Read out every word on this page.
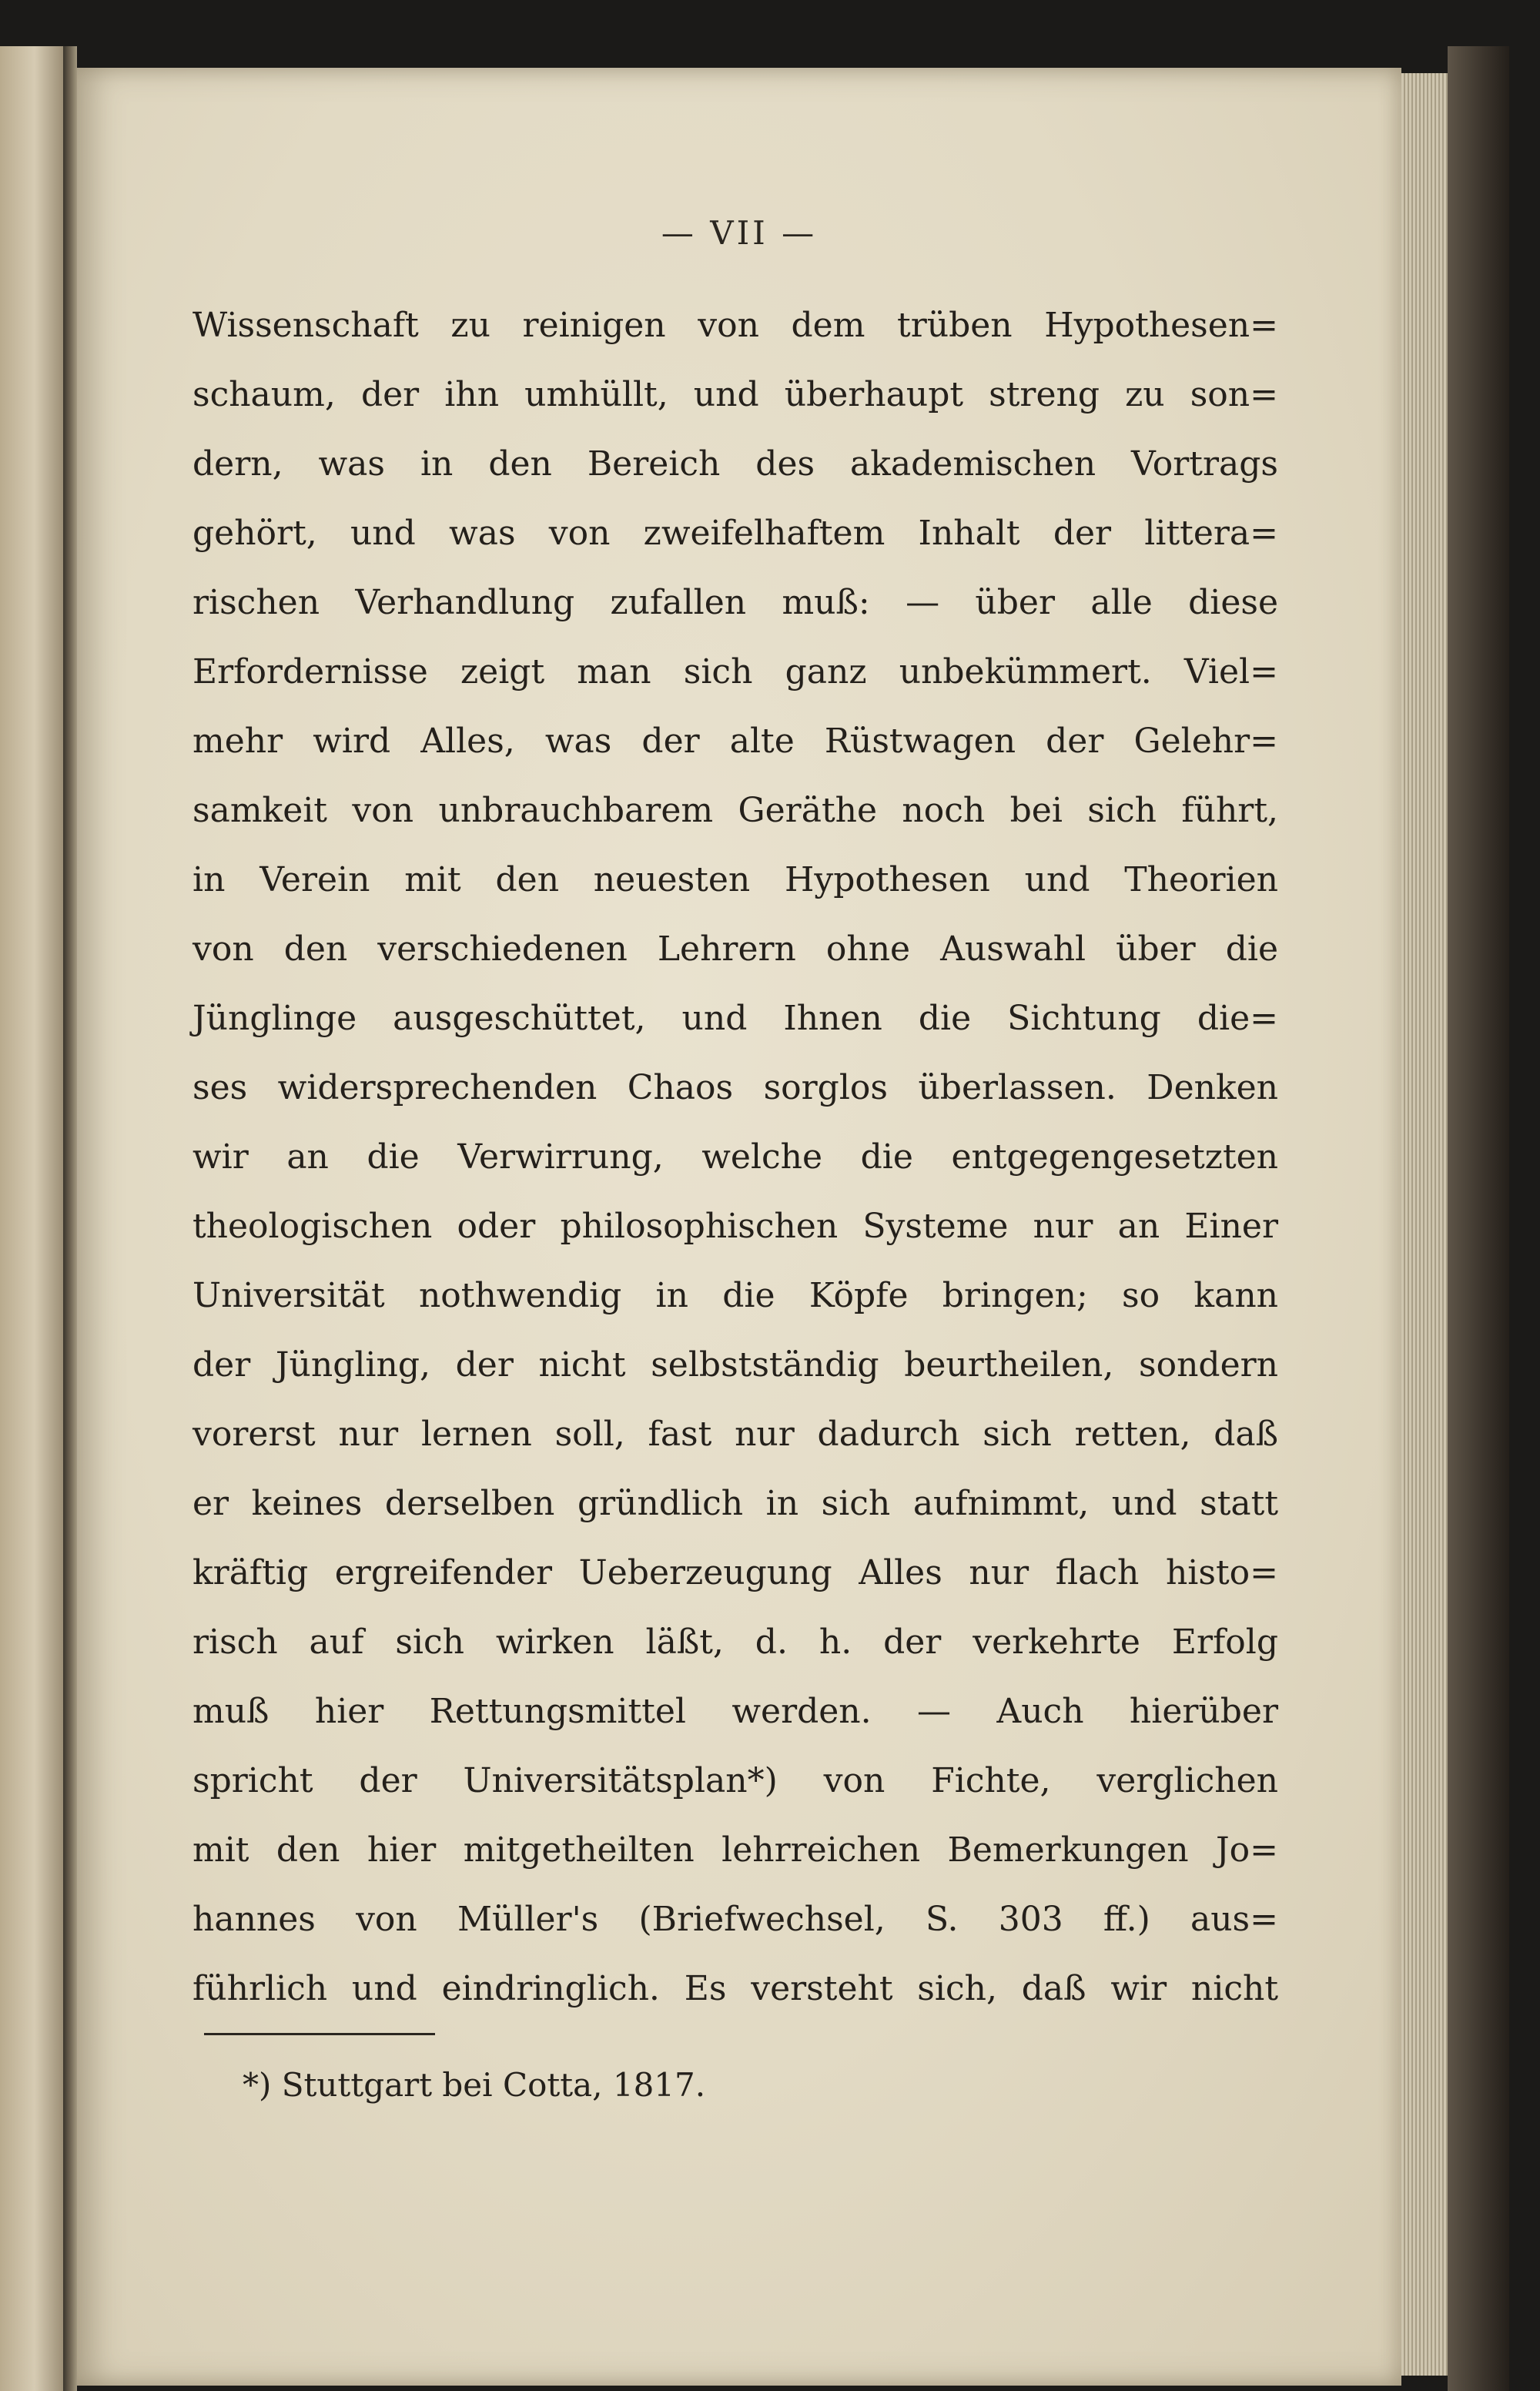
— VII —
Wissenschaft zu reinigen von dem trüben Hypothesen=
schaum, der ihn umhüllt, und überhaupt streng zu son=
dern, was in den Bereich des akademischen Vortrags
gehört, und was von zweifelhaftem Inhalt der littera=
rischen Verhandlung zufallen muß: — über alle diese
Erfordernisse zeigt man sich ganz unbekümmert. Viel=
mehr wird Alles, was der alte Rüstwagen der Gelehr=
samkeit von unbrauchbarem Geräthe noch bei sich führt,
in Verein mit den neuesten Hypothesen und Theorien
von den verschiedenen Lehrern ohne Auswahl über die
Jünglinge ausgeschüttet, und Ihnen die Sichtung die=
ses widersprechenden Chaos sorglos überlassen. Denken
wir an die Verwirrung, welche die entgegengesetzten
theologischen oder philosophischen Systeme nur an Einer
Universität nothwendig in die Köpfe bringen; so kann
der Jüngling, der nicht selbstständig beurtheilen, sondern
vorerst nur lernen soll, fast nur dadurch sich retten, daß
er keines derselben gründlich in sich aufnimmt, und statt
kräftig ergreifender Ueberzeugung Alles nur flach histo=
risch auf sich wirken läßt, d. h. der verkehrte Erfolg
muß hier Rettungsmittel werden. — Auch hierüber
spricht der Universitätsplan*) von Fichte, verglichen
mit den hier mitgetheilten lehrreichen Bemerkungen Jo=
hannes von Müller's (Briefwechsel, S. 303 ff.) aus=
führlich und eindringlich. Es versteht sich, daß wir nicht
*) Stuttgart bei Cotta, 1817.
